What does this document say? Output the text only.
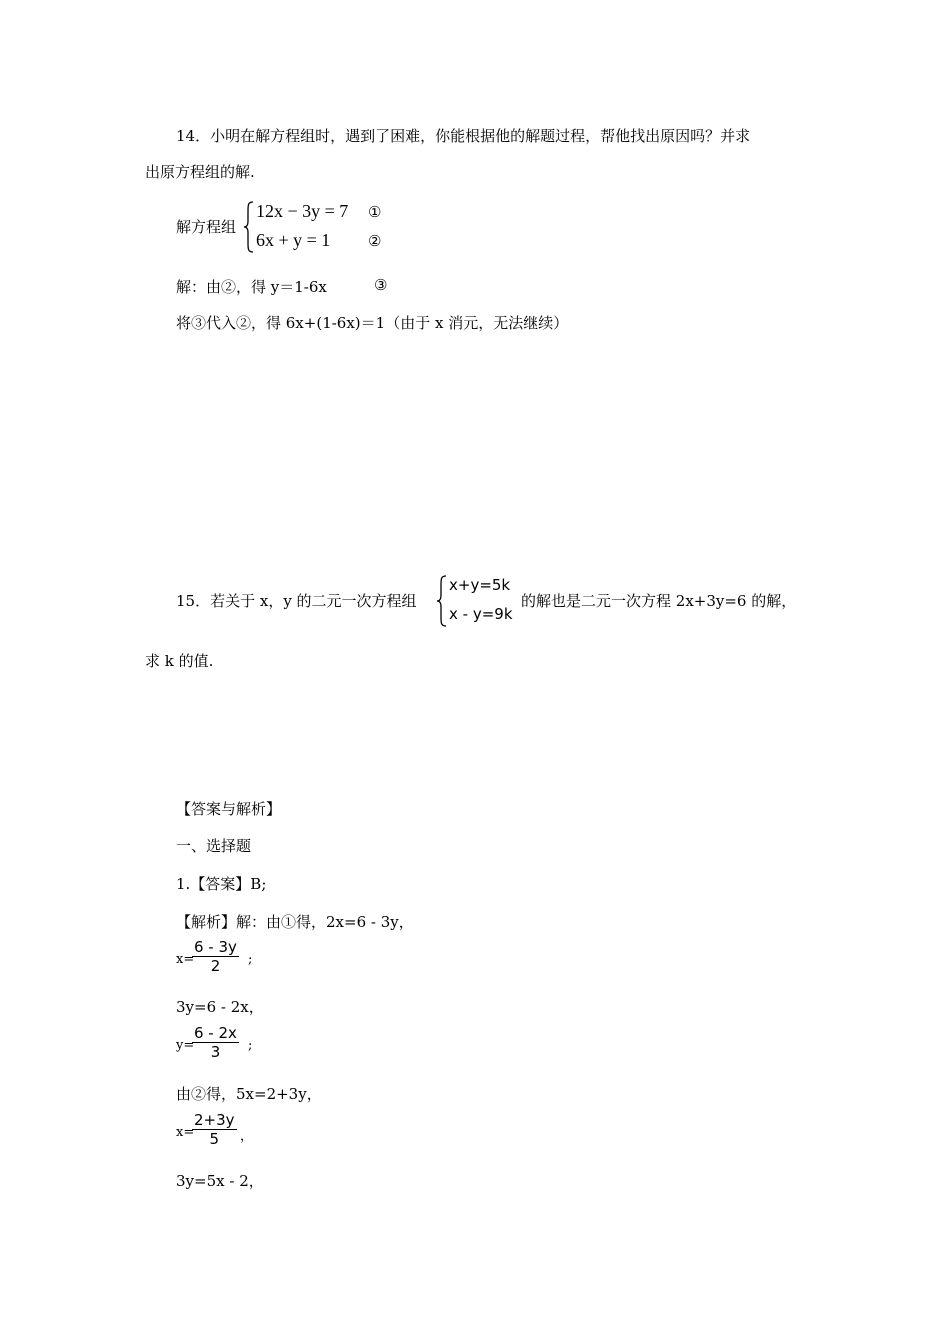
14．小明在解方程组时，遇到了困难，你能根据他的解题过程，帮他找出原因吗？并求
出原方程组的解.
解方程组
12x − 3y = 7 ①
6x + y = 1	②
解：由②，得 y＝1-6x	③
将③代入②，得 6x+(1-6x)＝1（由于 x 消元，无法继续）
15．若关于 x，y 的二元一次方程组
x+y=5k
x - y=9k
的解也是二元一次方程 2x+3y=6 的解，
求 k 的值.
【答案与解析】
一、选择题
1.【答案】B;
【解析】解：由①得，2x=6 - 3y，
x=
6 - 3y
2	;
3y=6 - 2x，
y=
6 - 2x
3	;
由②得，5x=2+3y，
x=
2+3y
5	，
3y=5x - 2，
